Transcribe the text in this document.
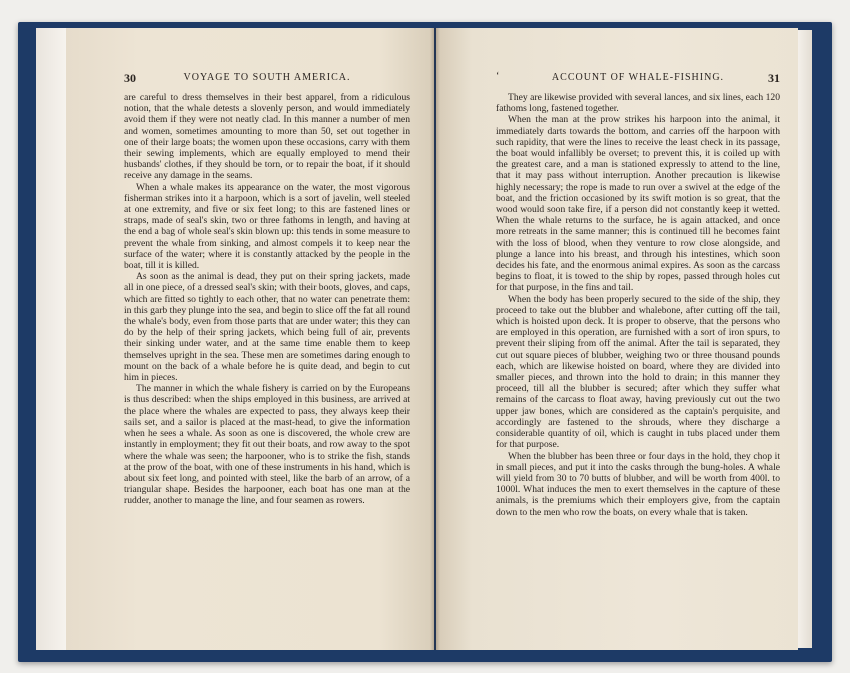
30	VOYAGE TO SOUTH AMERICA.

are careful to dress themselves in their best apparel, from a ridiculous notion, that the whale detests a slovenly person, and would immediately avoid them if they were not neatly clad. In this manner a number of men and women, sometimes amounting to more than 50, set out together in one of their large boats; the women upon these occasions, carry with them their sewing implements, which are equally employed to mend their husbands' clothes, if they should be torn, or to repair the boat, if it should receive any damage in the seams.

When a whale makes its appearance on the water, the most vigorous fisherman strikes into it a harpoon, which is a sort of javelin, well steeled at one extremity, and five or six feet long; to this are fastened lines or straps, made of seal's skin, two or three fathoms in length, and having at the end a bag of whole seal's skin blown up: this tends in some measure to prevent the whale from sinking, and almost compels it to keep near the surface of the water; where it is constantly attacked by the people in the boat, till it is killed.

As soon as the animal is dead, they put on their spring jackets, made all in one piece, of a dressed seal's skin; with their boots, gloves, and caps, which are fitted so tightly to each other, that no water can penetrate them: in this garb they plunge into the sea, and begin to slice off the fat all round the whale's body, even from those parts that are under water; this they can do by the help of their spring jackets, which being full of air, prevents their sinking under water, and at the same time enable them to keep themselves upright in the sea. These men are sometimes daring enough to mount on the back of a whale before he is quite dead, and begin to cut him in pieces.

The manner in which the whale fishery is carried on by the Europeans is thus described: when the ships employed in this business, are arrived at the place where the whales are expected to pass, they always keep their sails set, and a sailor is placed at the mast-head, to give the information when he sees a whale. As soon as one is discovered, the whole crew are instantly in employment; they fit out their boats, and row away to the spot where the whale was seen; the harpooner, who is to strike the fish, stands at the prow of the boat, with one of these instruments in his hand, which is about six feet long, and pointed with steel, like the barb of an arrow, of a triangular shape. Besides the harpooner, each boat has one man at the rudder, another to manage the line, and four seamen as rowers.

‘	ACCOUNT OF WHALE-FISHING.	31

They are likewise provided with several lances, and six lines, each 120 fathoms long, fastened together.

When the man at the prow strikes his harpoon into the animal, it immediately darts towards the bottom, and carries off the harpoon with such rapidity, that were the lines to receive the least check in its passage, the boat would infallibly be overset; to prevent this, it is coiled up with the greatest care, and a man is stationed expressly to attend to the line, that it may pass without interruption. Another precaution is likewise highly necessary; the rope is made to run over a swivel at the edge of the boat, and the friction occasioned by its swift motion is so great, that the wood would soon take fire, if a person did not constantly keep it wetted. When the whale returns to the surface, he is again attacked, and once more retreats in the same manner; this is continued till he becomes faint with the loss of blood, when they venture to row close alongside, and plunge a lance into his breast, and through his intestines, which soon decides his fate, and the enormous animal expires. As soon as the carcass begins to float, it is towed to the ship by ropes, passed through holes cut for that purpose, in the fins and tail.

When the body has been properly secured to the side of the ship, they proceed to take out the blubber and whalebone, after cutting off the tail, which is hoisted upon deck. It is proper to observe, that the persons who are employed in this operation, are furnished with a sort of iron spurs, to prevent their sliping from off the animal. After the tail is separated, they cut out square pieces of blubber, weighing two or three thousand pounds each, which are likewise hoisted on board, where they are divided into smaller pieces, and thrown into the hold to drain; in this manner they proceed, till all the blubber is secured; after which they suffer what remains of the carcass to float away, having previously cut out the two upper jaw bones, which are considered as the captain's perquisite, and accordingly are fastened to the shrouds, where they discharge a considerable quantity of oil, which is caught in tubs placed under them for that purpose.

When the blubber has been three or four days in the hold, they chop it in small pieces, and put it into the casks through the bung-holes. A whale will yield from 30 to 70 butts of blubber, and will be worth from 400l. to 1000l. What induces the men to exert themselves in the capture of these animals, is the premiums which their employers give, from the captain down to the men who row the boats, on every whale that is taken.
